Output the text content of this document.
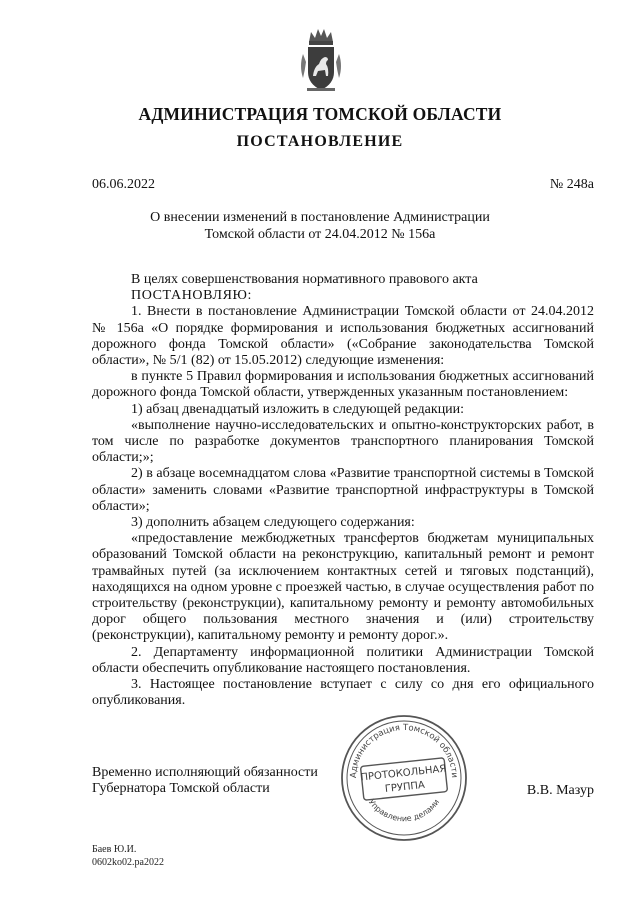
АДМИНИСТРАЦИЯ ТОМСКОЙ ОБЛАСТИ
ПОСТАНОВЛЕНИЕ
06.06.2022	№ 248а
О внесении изменений в постановление Администрации
Томской области от 24.04.2012 № 156а

В целях совершенствования нормативного правового акта

ПОСТАНОВЛЯЮ:

1. Внести в постановление Администрации Томской области от 24.04.2012 № 156а «О порядке формирования и использования бюджетных ассигнований дорожного фонда Томской области» («Собрание законодательства Томской области», № 5/1 (82) от 15.05.2012) следующие изменения:

в пункте 5 Правил формирования и использования бюджетных ассигнований дорожного фонда Томской области, утвержденных указанным постановлением:

1) абзац двенадцатый изложить в следующей редакции:

«выполнение научно-исследовательских и опытно-конструкторских работ, в том числе по разработке документов транспортного планирования Томской области;»;

2) в абзаце восемнадцатом слова «Развитие транспортной системы в Томской области» заменить словами «Развитие транспортной инфраструктуры в Томской области»;

3) дополнить абзацем следующего содержания:

«предоставление межбюджетных трансфертов бюджетам муниципальных образований Томской области на реконструкцию, капитальный ремонт и ремонт трамвайных путей (за исключением контактных сетей и тяговых подстанций), находящихся на одном уровне с проезжей частью, в случае осуществления работ по строительству (реконструкции), капитальному ремонту и ремонту автомобильных дорог общего пользования местного значения и (или) строительству (реконструкции), капитальному ремонту и ремонту дорог.».

2. Департаменту информационной политики Администрации Томской области обеспечить опубликование настоящего постановления.

3. Настоящее постановление вступает с силу со дня его официального опубликования.

Временно исполняющий обязанности
Губернатора Томской области	В.В. Мазур
Администрация Томской области
Управление делами
ПРОТОКОЛЬНАЯ
ГРУППА
Баев Ю.И.
0602ko02.pa2022
